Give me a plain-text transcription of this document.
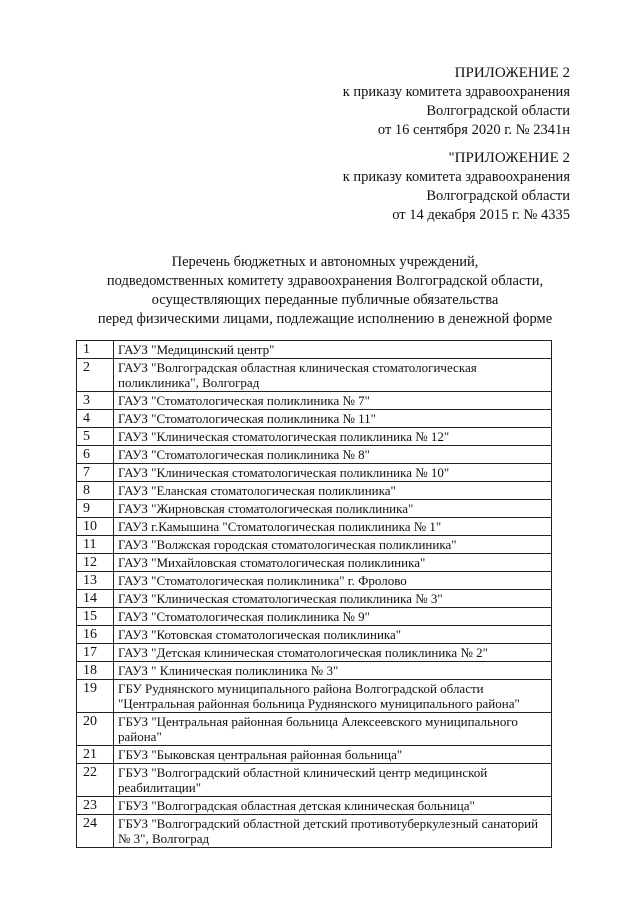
ПРИЛОЖЕНИЕ 2
к приказу комитета здравоохранения
Волгоградской области
от 16 сентября 2020 г. № 2341н
"ПРИЛОЖЕНИЕ 2
к приказу комитета здравоохранения
Волгоградской области
от 14 декабря 2015 г. № 4335
Перечень бюджетных и автономных учреждений,
подведомственных комитету здравоохранения Волгоградской области,
осуществляющих переданные публичные обязательства
перед физическими лицами, подлежащие исполнению в денежной форме
1	ГАУЗ "Медицинский центр"
2	ГАУЗ "Волгоградская областная клиническая стоматологическая поликлиника", Волгоград
3	ГАУЗ "Стоматологическая поликлиника № 7"
4	ГАУЗ "Стоматологическая поликлиника № 11"
5	ГАУЗ "Клиническая стоматологическая поликлиника № 12"
6	ГАУЗ "Стоматологическая поликлиника № 8"
7	ГАУЗ "Клиническая стоматологическая поликлиника № 10"
8	ГАУЗ "Еланская стоматологическая поликлиника"
9	ГАУЗ "Жирновская стоматологическая поликлиника"
10	ГАУЗ г.Камышина "Стоматологическая поликлиника № 1"
11	ГАУЗ "Волжская городская стоматологическая поликлиника"
12	ГАУЗ "Михайловская стоматологическая поликлиника"
13	ГАУЗ "Стоматологическая поликлиника" г. Фролово
14	ГАУЗ "Клиническая стоматологическая поликлиника № 3"
15	ГАУЗ "Стоматологическая поликлиника № 9"
16	ГАУЗ "Котовская стоматологическая поликлиника"
17	ГАУЗ "Детская клиническая стоматологическая поликлиника № 2"
18	ГАУЗ " Клиническая поликлиника № 3"
19	ГБУ Руднянского муниципального района Волгоградской области "Центральная районная больница Руднянского муниципального района"
20	ГБУЗ "Центральная районная больница Алексеевского муниципального района"
21	ГБУЗ "Быковская центральная районная больница"
22	ГБУЗ "Волгоградский областной клинический центр медицинской реабилитации"
23	ГБУЗ "Волгоградская областная детская клиническая больница"
24	ГБУЗ "Волгоградский областной детский противотуберкулезный санаторий № 3", Волгоград
